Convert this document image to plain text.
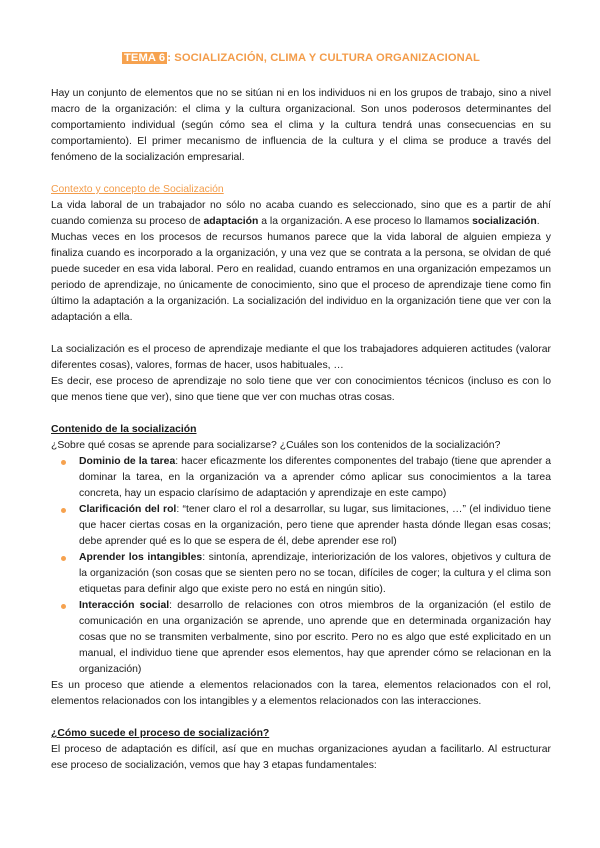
TEMA 6 : SOCIALIZACIÓN, CLIMA Y CULTURA ORGANIZACIONAL

Hay un conjunto de elementos que no se sitúan ni en los individuos ni en los grupos de trabajo, sino a nivel macro de la organización: el clima y la cultura organizacional. Son unos poderosos determinantes del comportamiento individual (según cómo sea el clima y la cultura tendrá unas consecuencias en su comportamiento). El primer mecanismo de influencia de la cultura y el clima se produce a través del fenómeno de la socialización empresarial.

Contexto y concepto de Socialización

La vida laboral de un trabajador no sólo no acaba cuando es seleccionado, sino que es a partir de ahí cuando comienza su proceso de adaptación a la organización. A ese proceso lo llamamos socialización.

Muchas veces en los procesos de recursos humanos parece que la vida laboral de alguien empieza y finaliza cuando es incorporado a la organización, y una vez que se contrata a la persona, se olvidan de qué puede suceder en esa vida laboral. Pero en realidad, cuando entramos en una organización empezamos un periodo de aprendizaje, no únicamente de conocimiento, sino que el proceso de aprendizaje tiene como fin último la adaptación a la organización. La socialización del individuo en la organización tiene que ver con la adaptación a ella.

La socialización es el proceso de aprendizaje mediante el que los trabajadores adquieren actitudes (valorar diferentes cosas), valores, formas de hacer, usos habituales, …

Es decir, ese proceso de aprendizaje no solo tiene que ver con conocimientos técnicos (incluso es con lo que menos tiene que ver), sino que tiene que ver con muchas otras cosas.

Contenido de la socialización

¿Sobre qué cosas se aprende para socializarse? ¿Cuáles son los contenidos de la socialización?

Dominio de la tarea: hacer eficazmente los diferentes componentes del trabajo (tiene que aprender a dominar la tarea, en la organización va a aprender cómo aplicar sus conocimientos a la tarea concreta, hay un espacio clarísimo de adaptación y aprendizaje en este campo)
Clarificación del rol: “tener claro el rol a desarrollar, su lugar, sus limitaciones, …” (el individuo tiene que hacer ciertas cosas en la organización, pero tiene que aprender hasta dónde llegan esas cosas; debe aprender qué es lo que se espera de él, debe aprender ese rol)
Aprender los intangibles: sintonía, aprendizaje, interiorización de los valores, objetivos y cultura de la organización (son cosas que se sienten pero no se tocan, difíciles de coger; la cultura y el clima son etiquetas para definir algo que existe pero no está en ningún sitio).
Interacción social: desarrollo de relaciones con otros miembros de la organización (el estilo de comunicación en una organización se aprende, uno aprende que en determinada organización hay cosas que no se transmiten verbalmente, sino por escrito. Pero no es algo que esté explicitado en un manual, el individuo tiene que aprender esos elementos, hay que aprender cómo se relacionan en la organización)

Es un proceso que atiende a elementos relacionados con la tarea, elementos relacionados con el rol, elementos relacionados con los intangibles y a elementos relacionados con las interacciones.

¿Cómo sucede el proceso de socialización?

El proceso de adaptación es difícil, así que en muchas organizaciones ayudan a facilitarlo. Al estructurar ese proceso de socialización, vemos que hay 3 etapas fundamentales:
